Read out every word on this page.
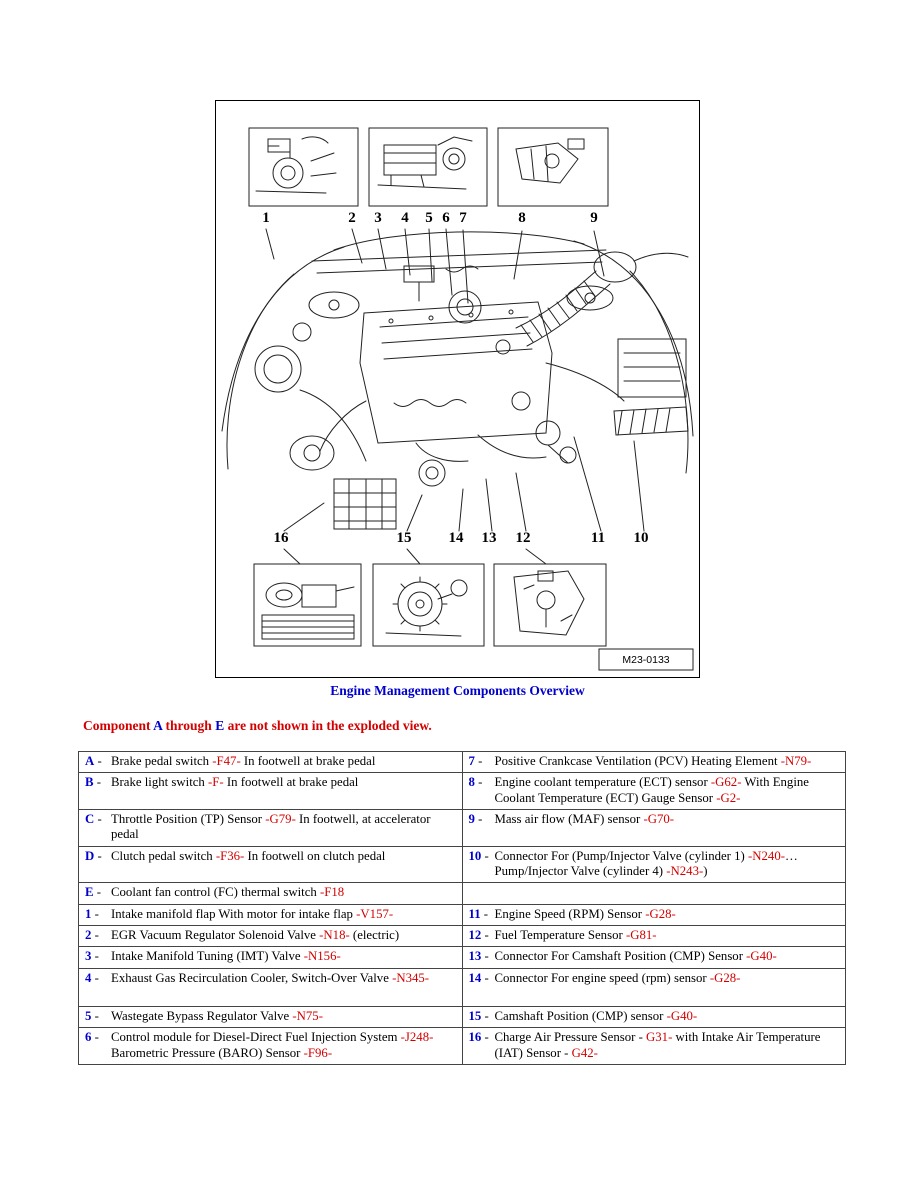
M23-0133
1	2 3 4 5 6 7	8	9
16	15 14 13 12	11 10
Engine Management Components Overview
Component A through E are not shown in the exploded view.
A - Brake pedal switch -F47- In footwell at brake pedal	7 - Positive Crankcase Ventilation (PCV) Heating Element -N79-

B - Brake light switch -F- In footwell at brake pedal	8 - Engine coolant temperature (ECT) sensor -G62- With Engine Coolant Temperature (ECT) Gauge Sensor -G2-

C - Throttle Position (TP) Sensor -G79- In footwell, at accelerator pedal	9 - Mass air flow (MAF) sensor -G70-

D - Clutch pedal switch -F36- In footwell on clutch pedal	10 - Connector For (Pump/Injector Valve (cylinder 1) -N240-… Pump/Injector Valve (cylinder 4) -N243-)

E - Coolant fan control (FC) thermal switch -F18	

1 - Intake manifold flap With motor for intake flap -V157-	11 - Engine Speed (RPM) Sensor -G28-

2 - EGR Vacuum Regulator Solenoid Valve -N18- (electric)	12 - Fuel Temperature Sensor -G81-

3 - Intake Manifold Tuning (IMT) Valve -N156-	13 - Connector For Camshaft Position (CMP) Sensor -G40-

4 - Exhaust Gas Recirculation Cooler, Switch-Over Valve -N345-	14 - Connector For engine speed (rpm) sensor -G28-

5 - Wastegate Bypass Regulator Valve -N75-	15 - Camshaft Position (CMP) sensor -G40-

6 - Control module for Diesel-Direct Fuel Injection System -J248-
Barometric Pressure (BARO) Sensor -F96-	16 - Charge Air Pressure Sensor - G31- with Intake Air Temperature (IAT) Sensor - G42-
